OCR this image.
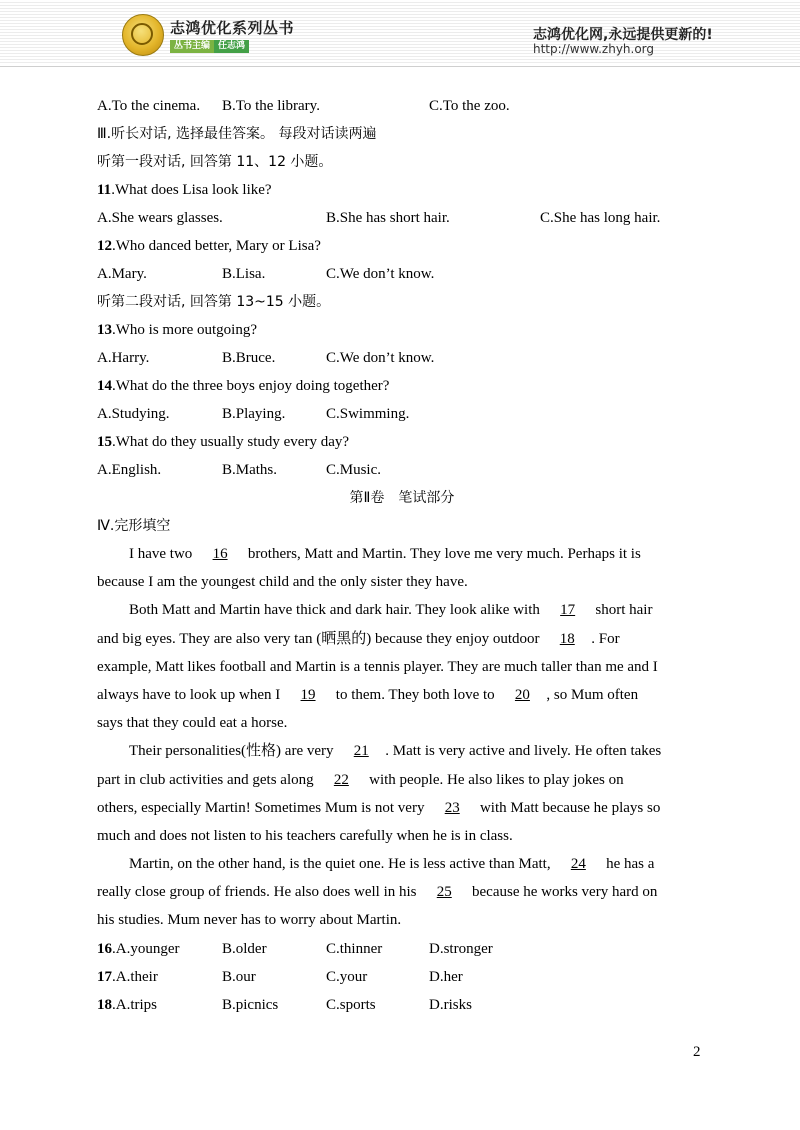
志鸿优化系列丛书
丛书主编 任志鸿
志鸿优化网,永远提供更新的!
http://www.zhyh.org
A.To the cinema. B.To the library.	C.To the zoo.
Ⅲ.听长对话, 选择最佳答案。 每段对话读两遍
听第一段对话, 回答第 11、12 小题。
11.What does Lisa look like?
A.She wears glasses.	B.She has short hair.	C.She has long hair.
12.Who danced better, Mary or Lisa?
A.Mary.	B.Lisa.	C.We don’t know.
听第二段对话, 回答第 13~15 小题。
13.Who is more outgoing?
A.Harry.	B.Bruce.	C.We don’t know.
14.What do the three boys enjoy doing together?
A.Studying.	B.Playing.	C.Swimming.
15.What do they usually study every day?
A.English.	B.Maths.	C.Music.
第Ⅱ卷　笔试部分
Ⅳ.完形填空
I have two 16 brothers, Matt and Martin. They love me very much. Perhaps it is
because I am the youngest child and the only sister they have.
Both Matt and Martin have thick and dark hair. They look alike with 17 short hair
and big eyes. They are also very tan (晒黑的) because they enjoy outdoor 18 . For
example, Matt likes football and Martin is a tennis player. They are much taller than me and I
always have to look up when I 19 to them. They both love to 20 , so Mum often
says that they could eat a horse.
Their personalities(性格) are very 21 . Matt is very active and lively. He often takes
part in club activities and gets along 22 with people. He also likes to play jokes on
others, especially Martin! Sometimes Mum is not very 23 with Matt because he plays so
much and does not listen to his teachers carefully when he is in class.
Martin, on the other hand, is the quiet one. He is less active than Matt, 24 he has a
really close group of friends. He also does well in his 25 because he works very hard on
his studies. Mum never has to worry about Martin.
16.A.younger	B.older	C.thinner	D.stronger
17.A.their	B.our	C.your	D.her
18.A.trips	B.picnics	C.sports	D.risks
2
